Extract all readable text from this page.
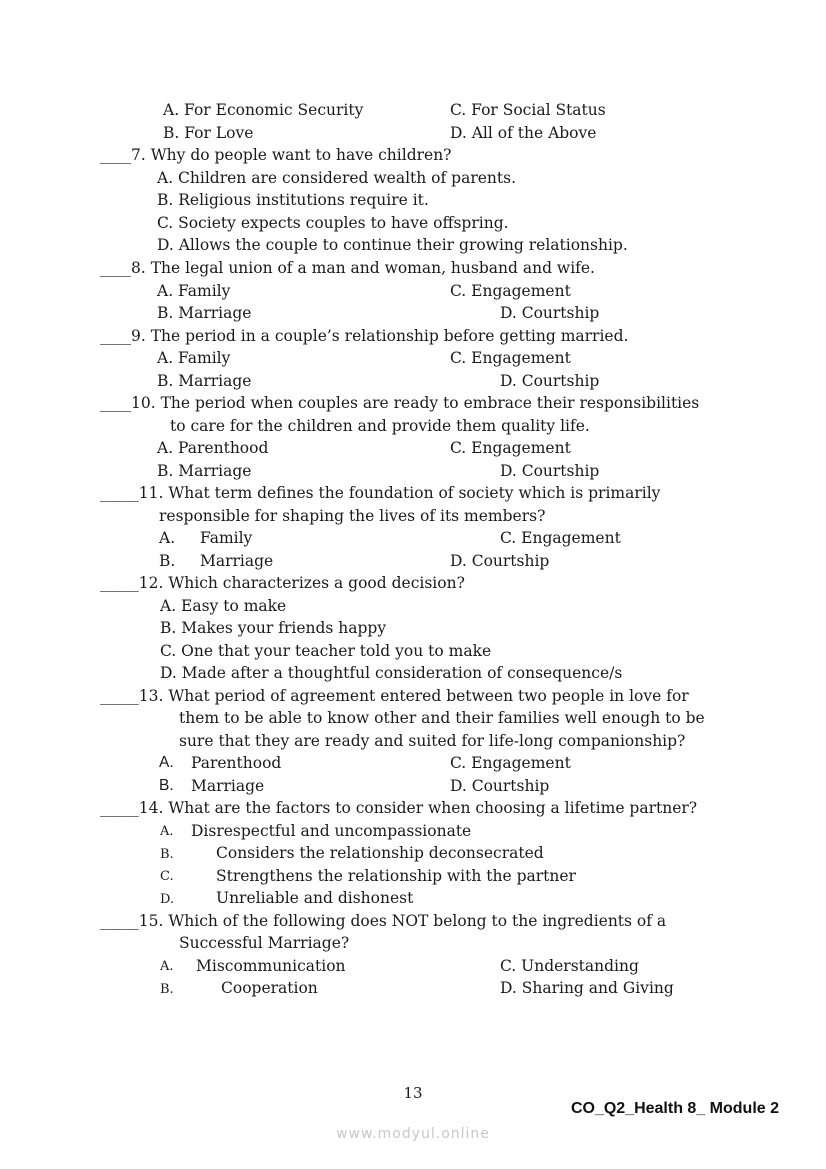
A. For Economic Security	C. For Social Status
B. For Love	D. All of the Above
____7. Why do people want to have children?
A. Children are considered wealth of parents.
B. Religious institutions require it.
C. Society expects couples to have offspring.
D. Allows the couple to continue their growing relationship.
____8. The legal union of a man and woman, husband and wife.
A. Family	C. Engagement
B. Marriage	D. Courtship
____9. The period in a couple’s relationship before getting married.
A. Family	C. Engagement
B. Marriage	D. Courtship
____10. The period when couples are ready to embrace their responsibilities
to care for the children and provide them quality life.
A. Parenthood	C. Engagement
B. Marriage	D. Courtship
_____11. What term defines the foundation of society which is primarily
responsible for shaping the lives of its members?
A. Family	C. Engagement
B. Marriage	D. Courtship
_____12. Which characterizes a good decision?
A. Easy to make
B. Makes your friends happy
C. One that your teacher told you to make
D. Made after a thoughtful consideration of consequence/s
_____13. What period of agreement entered between two people in love for
them to be able to know other and their families well enough to be
sure that they are ready and suited for life-long companionship?
A. Parenthood	C. Engagement
B. Marriage	D. Courtship
_____14. What are the factors to consider when choosing a lifetime partner?
A. Disrespectful and uncompassionate
B.	Considers the relationship deconsecrated
C.	Strengthens the relationship with the partner
D.	Unreliable and dishonest
_____15. Which of the following does NOT belong to the ingredients of a
Successful Marriage?
A. Miscommunication	C. Understanding
B.	Cooperation	D. Sharing and Giving
13
CO_Q2_Health 8_ Module 2
www.modyul.online
